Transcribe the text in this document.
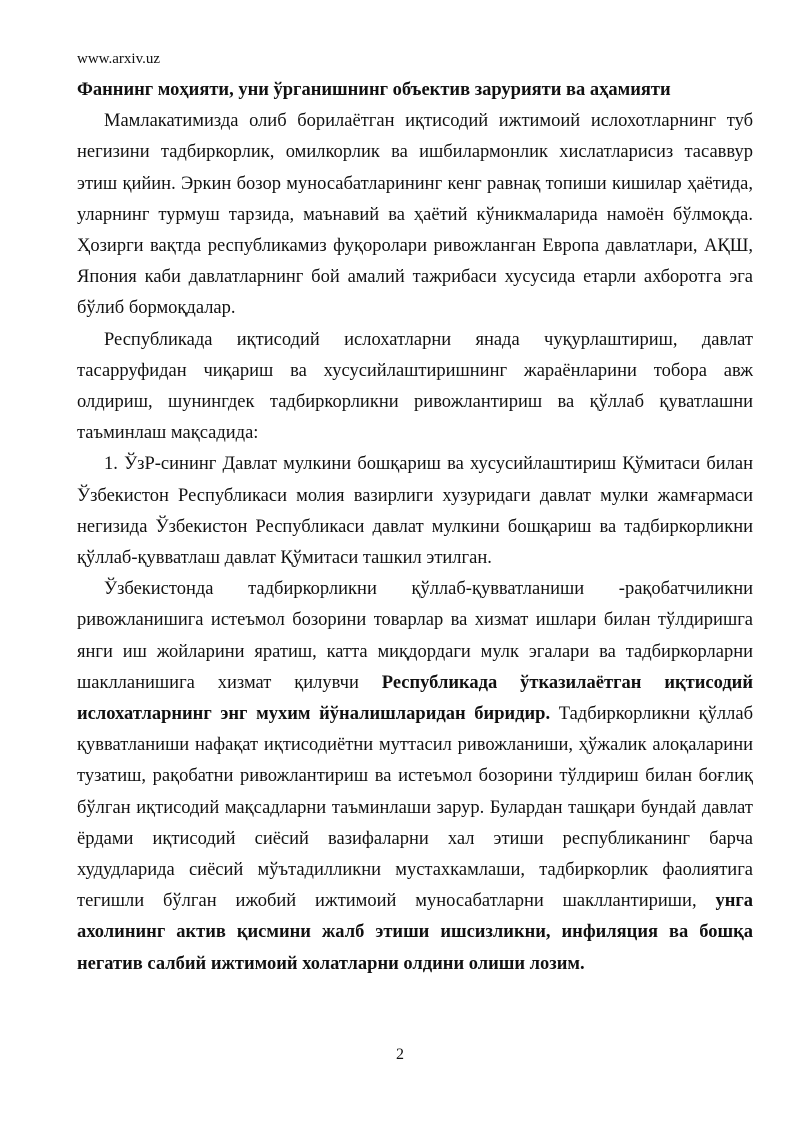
www.arxiv.uz

Фаннинг моҳияти, уни ўрганишнинг объектив зарурияти ва аҳамияти

Мамлакатимизда олиб борилаётган иқтисодий ижтимоий ислохотларнинг туб негизини тадбиркорлик, омилкорлик ва ишбилармонлик хислатларисиз тасаввур этиш қийин. Эркин бозор муносабатларининг кенг равнақ топиши кишилар ҳаётида, уларнинг турмуш тарзида, маънавий ва ҳаётий кўникмаларида намоён бўлмоқда. Ҳозирги вақтда республикамиз фуқоролари ривожланган Европа давлатлари, АҚШ, Япония каби давлатларнинг бой амалий тажрибаси хусусида етарли ахборотга эга бўлиб бормоқдалар.

Республикада иқтисодий ислохатларни янада чуқурлаштириш, давлат тасарруфидан чиқариш ва хусусийлаштиришнинг жараёнларини тобора авж олдириш, шунингдек тадбиркорликни ривожлантириш ва қўллаб қуватлашни таъминлаш мақсадида:

1. ЎзР-сининг Давлат мулкини бошқариш ва хусусийлаштириш Қўмитаси билан Ўзбекистон Республикаси молия вазирлиги хузуридаги давлат мулки жамғармаси негизида Ўзбекистон Республикаси давлат мулкини бошқариш ва тадбиркорликни қўллаб-қувватлаш давлат Қўмитаси ташкил этилган.

Ўзбекистонда тадбиркорликни қўллаб-қувватланиши -рақобатчиликни ривожланишига истеъмол бозорини товарлар ва хизмат ишлари билан тўлдиришга янги иш жойларини яратиш, катта миқдордаги мулк эгалари ва тадбиркорларни шаклланишига хизмат қилувчи Республикада ўтказилаётган иқтисодий ислохатларнинг энг мухим йўналишларидан биридир. Тадбиркорликни қўллаб қувватланиши нафақат иқтисодиётни муттасил ривожланиши, ҳўжалик алоқаларини тузатиш, рақобатни ривожлантириш ва истеъмол бозорини тўлдириш билан боғлиқ бўлган иқтисодий мақсадларни таъминлаши зарур. Булардан ташқари бундай давлат ёрдами иқтисодий сиёсий вазифаларни хал этиши республиканинг барча худудларида сиёсий мўътадилликни мустахкамлаши, тадбиркорлик фаолиятига тегишли бўлган ижобий ижтимоий муносабатларни шакллантириши, унга ахолининг актив қисмини жалб этиши ишсизликни, инфиляция ва бошқа негатив салбий ижтимоий холатларни олдини олиши лозим.

2
